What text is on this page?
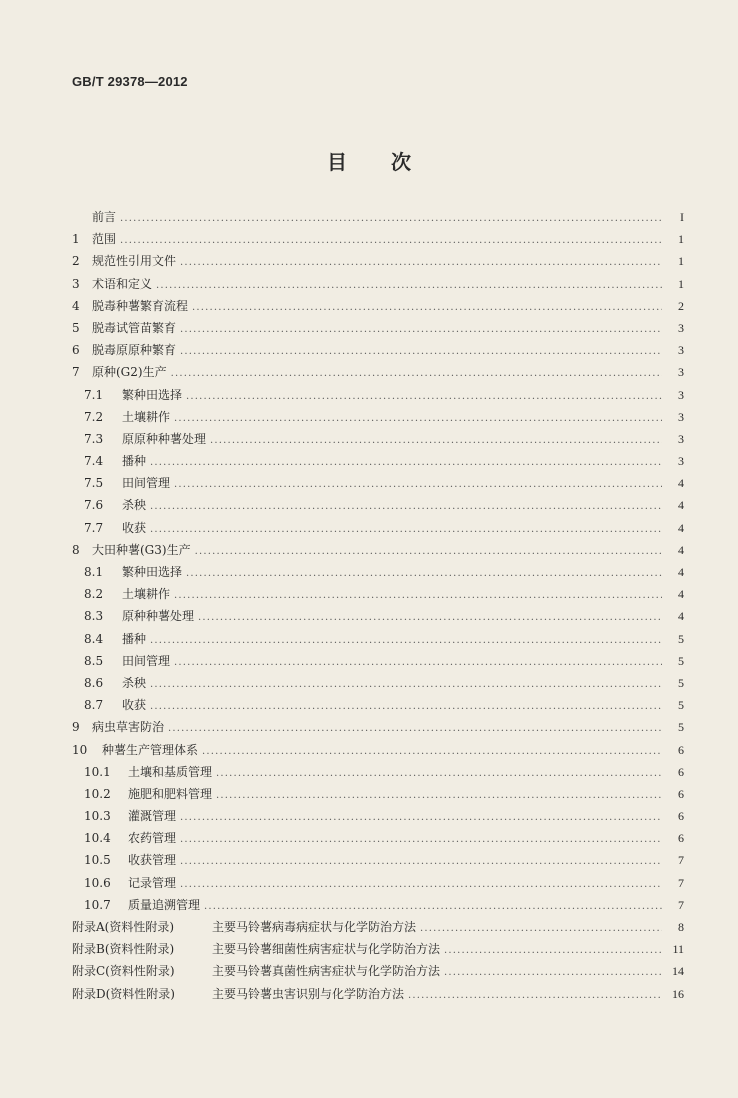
GB/T 29378—2012
目 次
前言 .....	I
1	范围 .....	1
2	规范性引用文件 .....	1
3	术语和定义 .....	1
4	脱毒种薯繁育流程 .....	2
5	脱毒试管苗繁育 .....	3
6	脱毒原原种繁育 .....	3
7	原种(G2)生产 .....	3
7.1	繁种田选择 .....	3
7.2	土壤耕作 .....	3
7.3	原原种种薯处理 .....	3
7.4	播种 .....	3
7.5	田间管理 .....	4
7.6	杀秧 .....	4
7.7	收获 .....	4
8	大田种薯(G3)生产 .....	4
8.1	繁种田选择 .....	4
8.2	土壤耕作 .....	4
8.3	原种种薯处理 .....	4
8.4	播种 .....	5
8.5	田间管理 .....	5
8.6	杀秧 .....	5
8.7	收获 .....	5
9	病虫草害防治 .....	5
10	种薯生产管理体系 .....	6
10.1	土壤和基质管理 .....	6
10.2	施肥和肥料管理 .....	6
10.3	灌溉管理 .....	6
10.4	农药管理 .....	6
10.5	收获管理 .....	7
10.6	记录管理 .....	7
10.7	质量追溯管理 .....	7
附录A(资料性附录)	主要马铃薯病毒病症状与化学防治方法 .....	8
附录B(资料性附录)	主要马铃薯细菌性病害症状与化学防治方法 .....	11
附录C(资料性附录)	主要马铃薯真菌性病害症状与化学防治方法 .....	14
附录D(资料性附录)	主要马铃薯虫害识别与化学防治方法 .....	16
